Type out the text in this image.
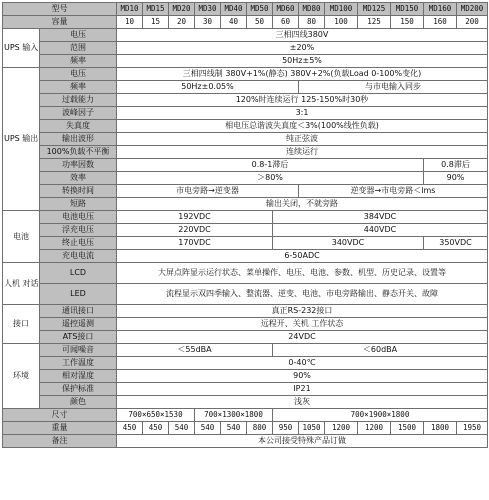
型号		MD10	MD15	MD20	MD30	MD40	MD50	MD60	MD80	MD100	MD125	MD150	MD160	MD200
容量		10	15	20	30	40	50	60	80	100	125	150	160	200
UPS 输入	电压	三相四线380V												
	范围	±20%												
	频率	50Hz±5%												
UPS 输出	电压	三相四线制 380V+1%(静态) 380V+2%(负载Load 0-100%变化)												
	频率	50Hz±0.05%							与市电输入同步					
	过载能力	120%时连续运行 125-150%时30秒												
	波峰因子	3:1												
	失真度	相电压总谐波失真度＜3%(100%线性负载)												
	输出波形	纯正弦波												
	100%负载不平衡	连续运行												
	功率因数	0.8-1滞后											0.8滞后	
	效率	＞80%											90%	
	转换时间	市电旁路→逆变器							逆变器→市电旁路＜lms					
	短路	输出关闭，不就旁路												
电池	电池电压	192VDC						384VDC						
	浮充电压	220VDC						440VDC						
	终止电压	170VDC						340VDC					350VDC	
	充电电流	6-50ADC												
人机 对话	LCD	大屏点阵显示运行状态、菜单操作、电压、电池、参数、机型、历史记录、设置等												
	LED	流程显示双四季输入、整流器、逆变、电池、市电旁路输出、静态开关、故障												
接口	通讯接口	真正RS-232接口												
	遥控遥测	远程开、关机 工作状态												
	ATS接口	24VDC												
环境	可闻噪音	＜55dBA						＜60dBA						
	工作温度	0-40℃												
	相对湿度	90%												
	保护标准	IP21												
	颜色	浅灰												
尺寸		700×650×1530			700×1300×1800			700×1900×1800						
重量		450	450	540	540	540	800	950	1050	1200	1200	1500	1800	1950
备注		本公司接受特殊产品订做												
